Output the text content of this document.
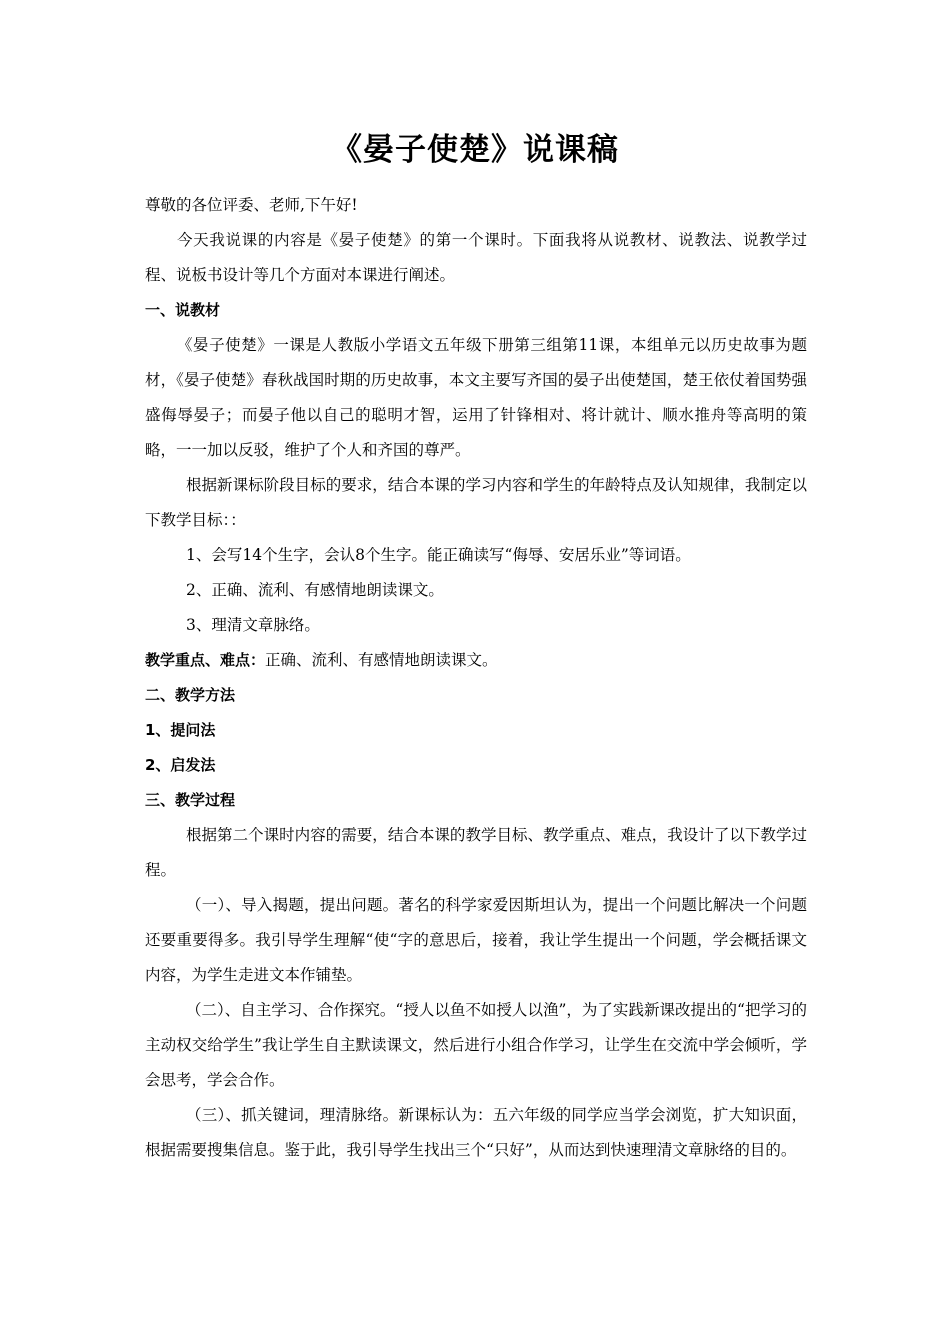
《晏子使楚》说课稿

尊敬的各位评委、老师,下午好!

今天我说课的内容是《晏子使楚》的第一个课时。下面我将从说教材、说教法、说教学过程、说板书设计等几个方面对本课进行阐述。

一、说教材

《晏子使楚》一课是人教版小学语文五年级下册第三组第11课，本组单元以历史故事为题材，《晏子使楚》春秋战国时期的历史故事，本文主要写齐国的晏子出使楚国，楚王依仗着国势强盛侮辱晏子；而晏子他以自己的聪明才智，运用了针锋相对、将计就计、顺水推舟等高明的策略，一一加以反驳，维护了个人和齐国的尊严。

根据新课标阶段目标的要求，结合本课的学习内容和学生的年龄特点及认知规律，我制定以下教学目标：：

1、会写14个生字，会认8个生字。能正确读写“侮辱、安居乐业”等词语。

2、正确、流利、有感情地朗读课文。

3、理清文章脉络。

教学重点、难点：正确、流利、有感情地朗读课文。

二、教学方法

1、提问法

2、启发法

三、教学过程

根据第二个课时内容的需要，结合本课的教学目标、教学重点、难点，我设计了以下教学过程。

（一）、导入揭题，提出问题。著名的科学家爱因斯坦认为，提出一个问题比解决一个问题还要重要得多。我引导学生理解“使“字的意思后，接着，我让学生提出一个问题，学会概括课文内容，为学生走进文本作铺垫。

（二）、自主学习、合作探究。“授人以鱼不如授人以渔”，为了实践新课改提出的“把学习的主动权交给学生”我让学生自主默读课文，然后进行小组合作学习，让学生在交流中学会倾听，学会思考，学会合作。

（三）、抓关键词，理清脉络。新课标认为：五六年级的同学应当学会浏览，扩大知识面，根据需要搜集信息。鉴于此，我引导学生找出三个“只好”，从而达到快速理清文章脉络的目的。
